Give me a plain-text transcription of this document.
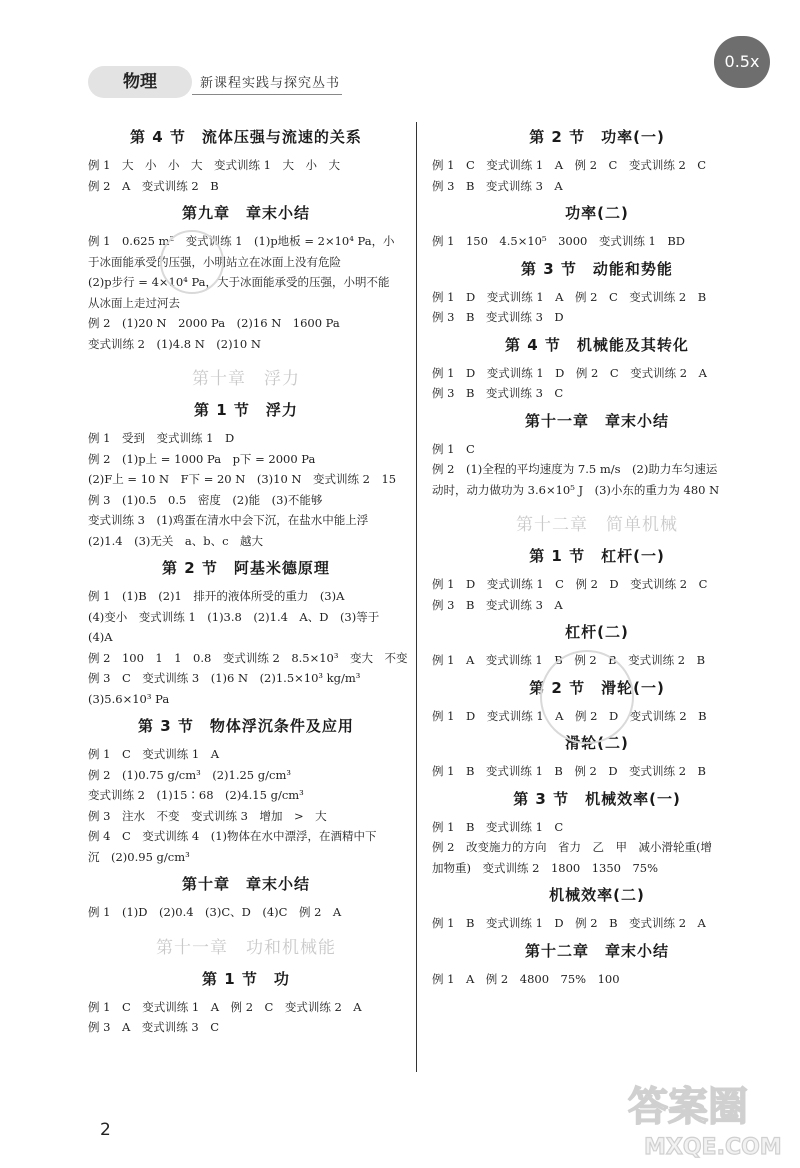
物理	新课程实践与探究丛书
0.5x
第 4 节　流体压强与流速的关系
例 1　大　小　小　大　变式训练 1　大　小　大
例 2　A　变式训练 2　B
第九章　章末小结
例 1　0.625 m²　变式训练 1　(1)p地板 = 2×10⁴ Pa，小
于冰面能承受的压强，小明站立在冰面上没有危险
(2)p步行 = 4×10⁴ Pa，大于冰面能承受的压强，小明不能
从冰面上走过河去
例 2　(1)20 N　2000 Pa　(2)16 N　1600 Pa
变式训练 2　(1)4.8 N　(2)10 N
第十章　浮力
第 1 节　浮力
例 1　受到　变式训练 1　D
例 2　(1)p上 = 1000 Pa　p下 = 2000 Pa
(2)F上 = 10 N　F下 = 20 N　(3)10 N　变式训练 2　15
例 3　(1)0.5　0.5　密度　(2)能　(3)不能够
变式训练 3　(1)鸡蛋在清水中会下沉，在盐水中能上浮
(2)1.4　(3)无关　a、b、c　越大
第 2 节　阿基米德原理
例 1　(1)B　(2)1　排开的液体所受的重力　(3)A
(4)变小　变式训练 1　(1)3.8　(2)1.4　A、D　(3)等于
(4)A
例 2　100　1　1　0.8　变式训练 2　8.5×10³　变大　不变
例 3　C　变式训练 3　(1)6 N　(2)1.5×10³ kg/m³
(3)5.6×10³ Pa
第 3 节　物体浮沉条件及应用
例 1　C　变式训练 1　A
例 2　(1)0.75 g/cm³　(2)1.25 g/cm³
变式训练 2　(1)15∶68　(2)4.15 g/cm³
例 3　注水　不变　变式训练 3　增加　>　大
例 4　C　变式训练 4　(1)物体在水中漂浮，在酒精中下
沉　(2)0.95 g/cm³
第十章　章末小结
例 1　(1)D　(2)0.4　(3)C、D　(4)C　例 2　A
第十一章　功和机械能
第 1 节　功
例 1　C　变式训练 1　A　例 2　C　变式训练 2　A
例 3　A　变式训练 3　C
第 2 节　功率(一)
例 1　C　变式训练 1　A　例 2　C　变式训练 2　C
例 3　B　变式训练 3　A
功率(二)
例 1　150　4.5×10⁵　3000　变式训练 1　BD
第 3 节　动能和势能
例 1　D　变式训练 1　A　例 2　C　变式训练 2　B
例 3　B　变式训练 3　D
第 4 节　机械能及其转化
例 1　D　变式训练 1　D　例 2　C　变式训练 2　A
例 3　B　变式训练 3　C
第十一章　章末小结
例 1　C
例 2　(1)全程的平均速度为 7.5 m/s　(2)助力车匀速运
动时，动力做功为 3.6×10⁵ J　(3)小东的重力为 480 N
第十二章　简单机械
第 1 节　杠杆(一)
例 1　D　变式训练 1　C　例 2　D　变式训练 2　C
例 3　B　变式训练 3　A
杠杆(二)
例 1　A　变式训练 1　B　例 2　B　变式训练 2　B
第 2 节　滑轮(一)
例 1　D　变式训练 1　A　例 2　D　变式训练 2　B
滑轮(二)
例 1　B　变式训练 1　B　例 2　D　变式训练 2　B
第 3 节　机械效率(一)
例 1　B　变式训练 1　C
例 2　改变施力的方向　省力　乙　甲　减小滑轮重(增
加物重)　变式训练 2　1800　1350　75%
机械效率(二)
例 1　B　变式训练 1　D　例 2　B　变式训练 2　A
第十二章　章末小结
例 1　A　例 2　4800　75%　100
2	答案圈
MXQE.COM
